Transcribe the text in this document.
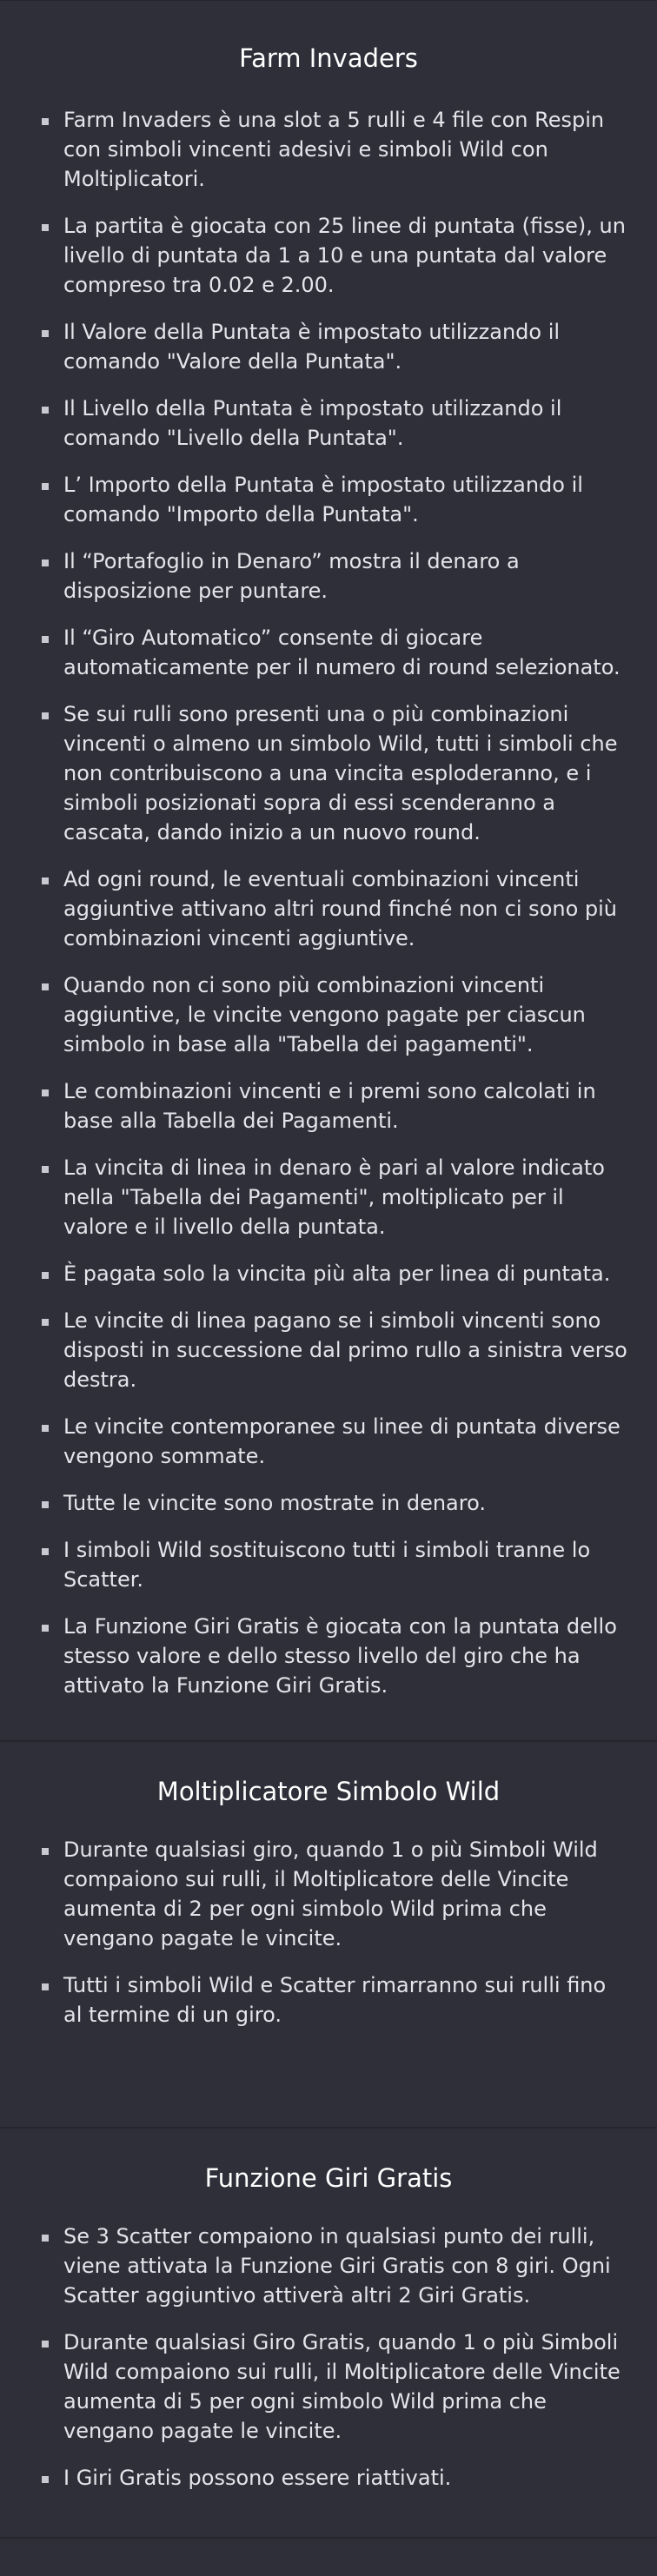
Farm Invaders
Farm Invaders è una slot a 5 rulli e 4 file con Respin con simboli vincenti adesivi e simboli Wild con Moltiplicatori.
La partita è giocata con 25 linee di puntata (fisse), un livello di puntata da 1 a 10 e una puntata dal valore compreso tra 0.02 e 2.00.
Il Valore della Puntata è impostato utilizzando il comando "Valore della Puntata".
Il Livello della Puntata è impostato utilizzando il comando "Livello della Puntata".
L’ Importo della Puntata è impostato utilizzando il comando "Importo della Puntata".
Il “Portafoglio in Denaro” mostra il denaro a disposizione per puntare.
Il “Giro Automatico” consente di giocare automaticamente per il numero di round selezionato.
Se sui rulli sono presenti una o più combinazioni vincenti o almeno un simbolo Wild, tutti i simboli che non contribuiscono a una vincita esploderanno, e i simboli posizionati sopra di essi scenderanno a cascata, dando inizio a un nuovo round.
Ad ogni round, le eventuali combinazioni vincenti aggiuntive attivano altri round finché non ci sono più combinazioni vincenti aggiuntive.
Quando non ci sono più combinazioni vincenti aggiuntive, le vincite vengono pagate per ciascun simbolo in base alla "Tabella dei pagamenti".
Le combinazioni vincenti e i premi sono calcolati in base alla Tabella dei Pagamenti.
La vincita di linea in denaro è pari al valore indicato nella "Tabella dei Pagamenti", moltiplicato per il valore e il livello della puntata.
È pagata solo la vincita più alta per linea di puntata.
Le vincite di linea pagano se i simboli vincenti sono disposti in successione dal primo rullo a sinistra verso destra.
Le vincite contemporanee su linee di puntata diverse vengono sommate.
Tutte le vincite sono mostrate in denaro.
I simboli Wild sostituiscono tutti i simboli tranne lo Scatter.
La Funzione Giri Gratis è giocata con la puntata dello stesso valore e dello stesso livello del giro che ha attivato la Funzione Giri Gratis.
Moltiplicatore Simbolo Wild
Durante qualsiasi giro, quando 1 o più Simboli Wild compaiono sui rulli, il Moltiplicatore delle Vincite aumenta di 2 per ogni simbolo Wild prima che vengano pagate le vincite.
Tutti i simboli Wild e Scatter rimarranno sui rulli fino al termine di un giro.
Funzione Giri Gratis
Se 3 Scatter compaiono in qualsiasi punto dei rulli, viene attivata la Funzione Giri Gratis con 8 giri. Ogni Scatter aggiuntivo attiverà altri 2 Giri Gratis.
Durante qualsiasi Giro Gratis, quando 1 o più Simboli Wild compaiono sui rulli, il Moltiplicatore delle Vincite aumenta di 5 per ogni simbolo Wild prima che vengano pagate le vincite.
I Giri Gratis possono essere riattivati.
